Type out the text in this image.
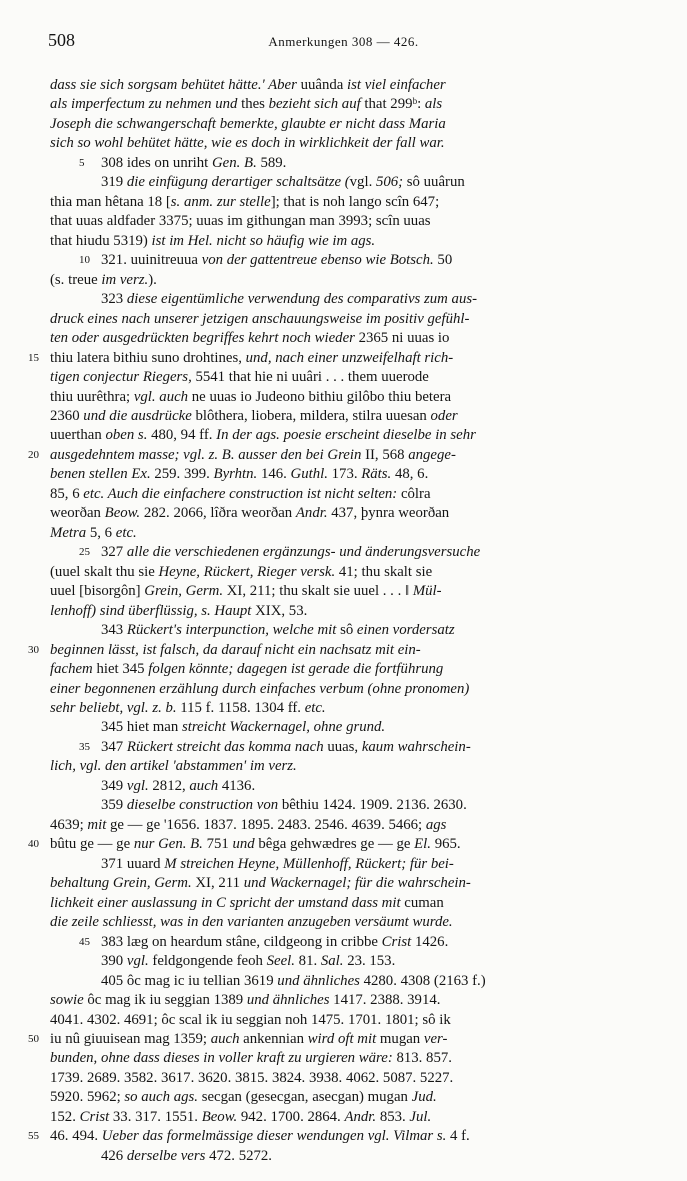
508	Anmerkungen 308 — 426.
dass sie sich sorgsam behütet hätte.' Aber uuânda ist viel einfacher
als imperfectum zu nehmen und thes bezieht sich auf that 299ᵇ: als
Joseph die schwangerschaft bemerkte, glaubte er nicht dass Maria
sich so wohl behütet hätte, wie es doch in wirklichkeit der fall war.
5 308 ides on unriht Gen. B. 589.
319 die einfügung derartiger schaltsätze (vgl. 506; sô uuârun
thia man hêtana 18 [s. anm. zur stelle]; that is noh lango scîn 647;
that uuas aldfader 3375; uuas im githungan man 3993; scîn uuas
that hiudu 5319) ist im Hel. nicht so häufig wie im ags.
10 321. uuinitreuua von der gattentreue ebenso wie Botsch. 50
(s. treue im verz.).
323 diese eigentümliche verwendung des comparativs zum aus-
druck eines nach unserer jetzigen anschauungsweise im positiv gefühl-
ten oder ausgedrückten begriffes kehrt noch wieder 2365 ni uuas io
15 thiu latera bithiu suno drohtines, und, nach einer unzweifelhaft rich-
tigen conjectur Riegers, 5541 that hie ni uuâri . . . them uuerode
thiu uurêthra; vgl. auch ne uuas io Judeono bithiu gilôbo thiu betera
2360 und die ausdrücke blôthera, liobera, mildera, stilra uuesan oder
uuerthan oben s. 480, 94 ff. In der ags. poesie erscheint dieselbe in sehr
20 ausgedehntem masse; vgl. z. B. ausser den bei Grein II, 568 angege-
benen stellen Ex. 259. 399. Byrhtn. 146. Guthl. 173. Räts. 48, 6.
85, 6 etc. Auch die einfachere construction ist nicht selten: côlra
weorðan Beow. 282. 2066, lîðra weorðan Andr. 437, þynra weorðan
Metra 5, 6 etc.
25 327 alle die verschiedenen ergänzungs- und änderungsversuche
(uuel skalt thu sie Heyne, Rückert, Rieger versk. 41; thu skalt sie
uuel [bisorgôn] Grein, Germ. XI, 211; thu skalt sie uuel . . . ‖ Mül-
lenhoff) sind überflüssig, s. Haupt XIX, 53.
343 Rückert's interpunction, welche mit sô einen vordersatz
30 beginnen lässt, ist falsch, da darauf nicht ein nachsatz mit ein-
fachem hiet 345 folgen könnte; dagegen ist gerade die fortführung
einer begonnenen erzählung durch einfaches verbum (ohne pronomen)
sehr beliebt, vgl. z. b. 115 f. 1158. 1304 ff. etc.
345 hiet man streicht Wackernagel, ohne grund.
35 347 Rückert streicht das komma nach uuas, kaum wahrschein-
lich, vgl. den artikel 'abstammen' im verz.
349 vgl. 2812, auch 4136.
359 dieselbe construction von bêthiu 1424. 1909. 2136. 2630.
4639; mit ge — ge '1656. 1837. 1895. 2483. 2546. 4639. 5466; ags
40 bûtu ge — ge nur Gen. B. 751 und bêga gehwædres ge — ge El. 965.
371 uuard M streichen Heyne, Müllenhoff, Rückert; für bei-
behaltung Grein, Germ. XI, 211 und Wackernagel; für die wahrschein-
lichkeit einer auslassung in C spricht der umstand dass mit cuman
die zeile schliesst, was in den varianten anzugeben versäumt wurde.
45 383 læg on heardum stâne, cildgeong in cribbe Crist 1426.
390 vgl. feldgongende feoh Seel. 81. Sal. 23. 153.
405 ôc mag ic iu tellian 3619 und ähnliches 4280. 4308 (2163 f.)
sowie ôc mag ik iu seggian 1389 und ähnliches 1417. 2388. 3914.
4041. 4302. 4691; ôc scal ik iu seggian noh 1475. 1701. 1801; sô ik
50 iu nû giuuisean mag 1359; auch ankennian wird oft mit mugan ver-
bunden, ohne dass dieses in voller kraft zu urgieren wäre: 813. 857.
1739. 2689. 3582. 3617. 3620. 3815. 3824. 3938. 4062. 5087. 5227.
5920. 5962; so auch ags. secgan (gesecgan, asecgan) mugan Jud.
152. Crist 33. 317. 1551. Beow. 942. 1700. 2864. Andr. 853. Jul.
55 46. 494. Ueber das formelmässige dieser wendungen vgl. Vilmar s. 4 f.
426 derselbe vers 472. 5272.
